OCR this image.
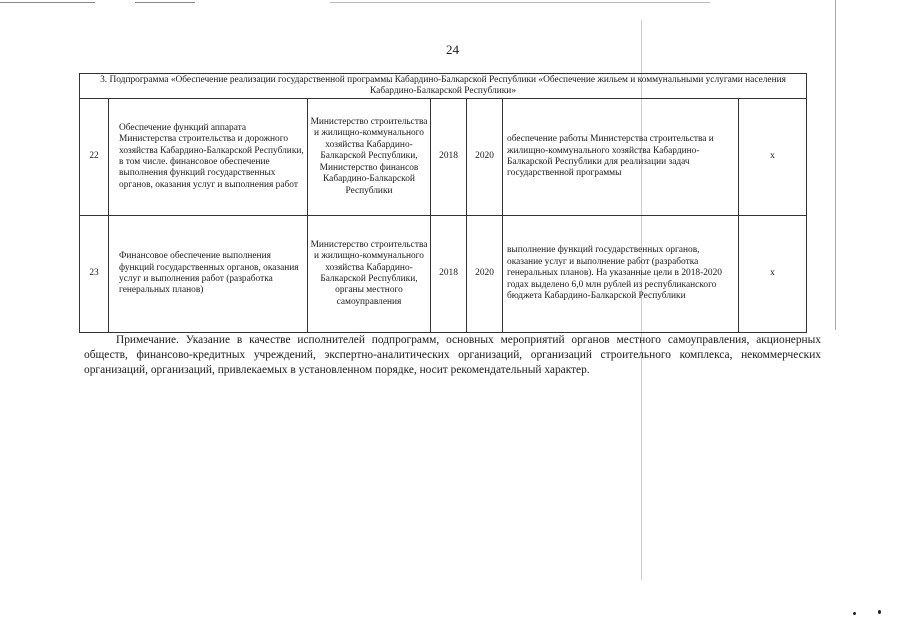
24
3. Подпрограмма «Обеспечение реализации государственной программы Кабардино-Балкарской Республики «Обеспечение жильем и коммунальными услугами населения Кабардино-Балкарской Республики»						
22	Обеспечение функций аппарата Министерства строительства и дорожного хозяйства Кабардино-Балкарской Республики, в том числе. финансовое обеспечение выполнения функций государственных органов, оказания услуг и выполнения работ	Министерство строительства и жилищно-коммунального хозяйства Кабардино-Балкарской Республики, Министерство финансов Кабардино-Балкарской Республики	2018	2020	обеспечение работы Министерства строительства и жилищно-коммунального хозяйства Кабардино-Балкарской Республики для реализации задач государственной программы	x
23	Финансовое обеспечение выполнения функций государственных органов, оказания услуг и выполнения работ (разработка генеральных планов)	Министерство строительства и жилищно-коммунального хозяйства Кабардино-Балкарской Республики, органы местного самоуправления	2018	2020	выполнение функций государственных органов, оказание услуг и выполнение работ (разработка генеральных планов). На указанные цели в 2018-2020 годах выделено 6,0 млн рублей из республиканского бюджета Кабардино-Балкарской Республики	x
Примечание. Указание в качестве исполнителей подпрограмм, основных мероприятий органов местного самоуправления, акционерных обществ, финансово-кредитных учреждений, экспертно-аналитических организаций, организаций строительного комплекса, некоммерческих организаций, организаций, привлекаемых в установленном порядке, носит рекомендательный характер.
